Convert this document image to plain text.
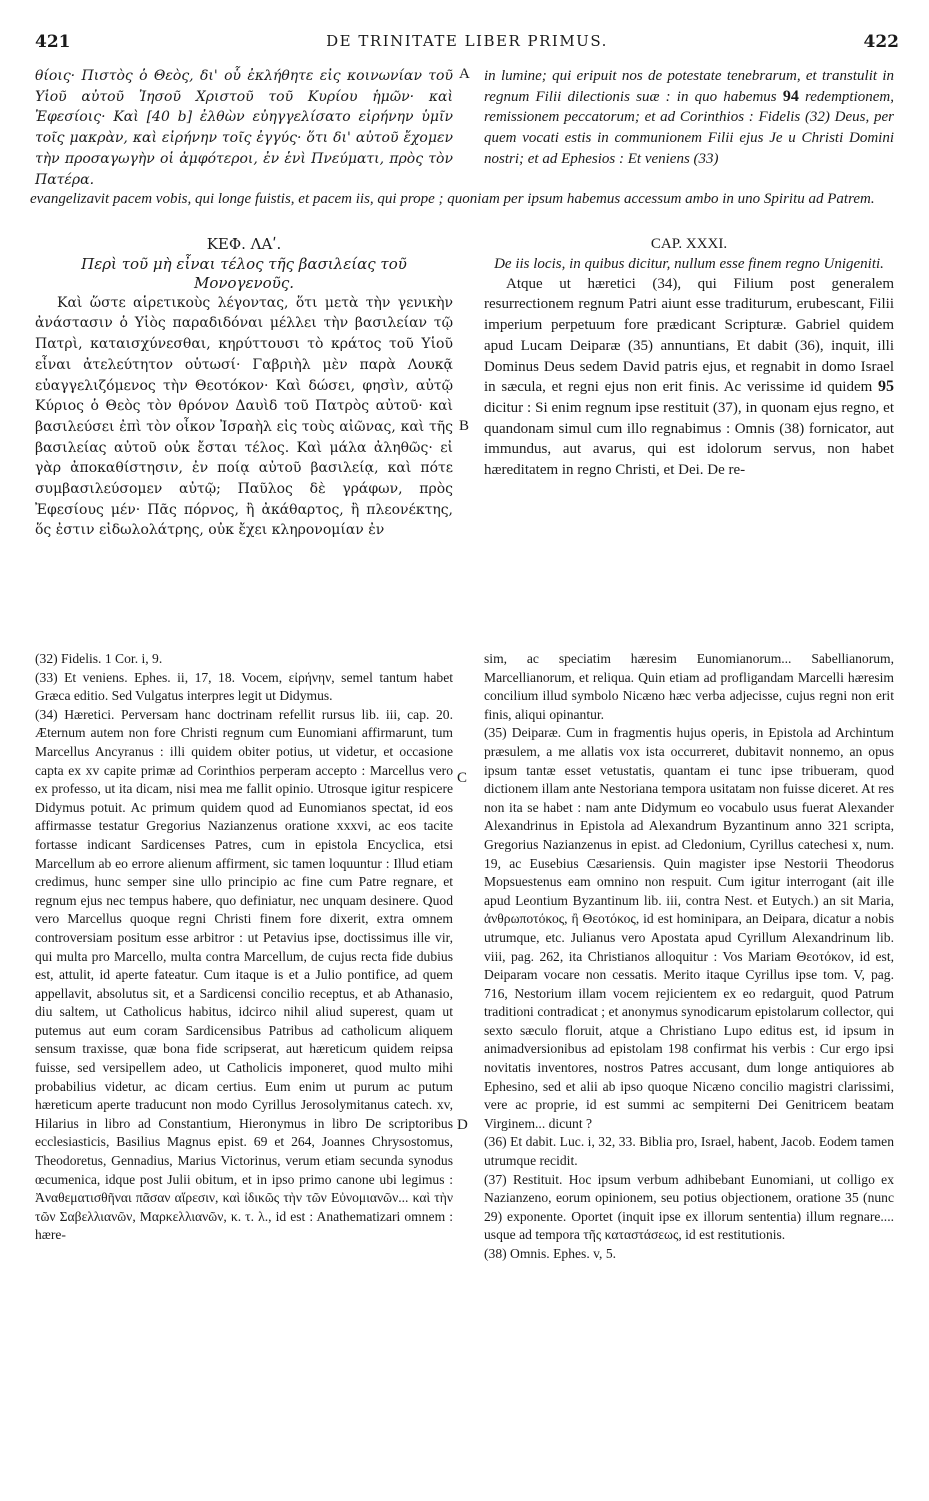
421	DE TRINITATE LIBER PRIMUS.	422

θίοις· Πιστὸς ὁ Θεὸς, δι' οὗ ἐκλήθητε εἰς κοινωνίαν τοῦ Υἱοῦ αὐτοῦ Ἰησοῦ Χριστοῦ τοῦ Κυρίου ἡμῶν· καὶ Ἐφεσίοις· Καὶ [40 b] ἐλθὼν εὐηγγελίσατο εἰρήνην ὑμῖν τοῖς μακρὰν, καὶ εἰρήνην τοῖς ἐγγύς· ὅτι δι' αὐτοῦ ἔχομεν τὴν προσαγωγὴν οἱ ἀμφότεροι, ἐν ἑνὶ Πνεύματι, πρὸς τὸν Πατέρα.

in lumine; qui eripuit nos de potestate tenebrarum, et transtulit in regnum Filii dilectionis suæ : in quo habemus 94 redemptionem, remissionem peccatorum; et ad Corinthios : Fidelis (32) Deus, per quem vocati estis in communionem Filii ejus Je u Christi Domini nostri; et ad Ephesios : Et veniens (33)

evangelizavit pacem vobis, qui longe fuistis, et pacem iis, qui prope ; quoniam per ipsum habemus accessum ambo in uno Spiritu ad Patrem.
ΚΕΦ. ΛΑʹ.
Περὶ τοῦ μὴ εἶναι τέλος τῆς βασιλείας τοῦ Μονογενοῦς.

Καὶ ὥστε αἱρετικοὺς λέγοντας, ὅτι μετὰ τὴν γενικὴν ἀνάστασιν ὁ Υἱὸς παραδιδόναι μέλλει τὴν βασιλείαν τῷ Πατρὶ, καταισχύνεσθαι, κηρύττουσι τὸ κράτος τοῦ Υἱοῦ εἶναι ἀτελεύτητον οὑτωσί· Γαβριὴλ μὲν παρὰ Λουκᾷ εὐαγγελιζόμενος τὴν Θεοτόκον· Καὶ δώσει, φησὶν, αὐτῷ Κύριος ὁ Θεὸς τὸν θρόνον Δαυὶδ τοῦ Πατρὸς αὐτοῦ· καὶ βασιλεύσει ἐπὶ τὸν οἶκον Ἰσραὴλ εἰς τοὺς αἰῶνας, καὶ τῆς βασιλείας αὐτοῦ οὐκ ἔσται τέλος. Καὶ μάλα ἀληθῶς· εἰ γὰρ ἀποκαθίστησιν, ἐν ποίᾳ αὐτοῦ βασιλείᾳ, καὶ πότε συμβασιλεύσομεν αὐτῷ; Παῦλος δὲ γράφων, πρὸς Ἐφεσίους μέν· Πᾶς πόρνος, ἢ ἀκάθαρτος, ἢ πλεονέκτης, ὅς ἐστιν εἰδωλολάτρης, οὐκ ἔχει κληρονομίαν ἐν

CAP. XXXI.
De iis locis, in quibus dicitur, nullum esse finem regno Unigeniti.

Atque ut hæretici (34), qui Filium post generalem resurrectionem regnum Patri aiunt esse traditurum, erubescant, Filii imperium perpetuum fore prædicant Scripturæ. Gabriel quidem apud Lucam Deiparæ (35) annuntians, Et dabit (36), inquit, illi Dominus Deus sedem David patris ejus, et regnabit in domo Israel in sæcula, et regni ejus non erit finis. Ac verissime id quidem 95 dicitur : Si enim regnum ipse restituit (37), in quonam ejus regno, et quandonam simul cum illo regnabimus : Omnis (38) fornicator, aut immundus, aut avarus, qui est idolorum servus, non habet hæreditatem in regno Christi, et Dei. De re-

A
B
C
D

(32) Fidelis. 1 Cor. i, 9.

(33) Et veniens. Ephes. ii, 17, 18. Vocem, εἰρήνην, semel tantum habet Græca editio. Sed Vulgatus interpres legit ut Didymus.

(34) Hæretici. Perversam hanc doctrinam refellit rursus lib. iii, cap. 20. Æternum autem non fore Christi regnum cum Eunomiani affirmarunt, tum Marcellus Ancyranus : illi quidem obiter potius, ut videtur, et occasione capta ex xv capite primæ ad Corinthios perperam accepto : Marcellus vero ex professo, ut ita dicam, nisi mea me fallit opinio. Utrosque igitur respicere Didymus potuit. Ac primum quidem quod ad Eunomianos spectat, id eos affirmasse testatur Gregorius Nazianzenus oratione xxxvi, ac eos tacite fortasse indicant Sardicenses Patres, cum in epistola Encyclica, etsi Marcellum ab eo errore alienum affirment, sic tamen loquuntur : Illud etiam credimus, hunc semper sine ullo principio ac fine cum Patre regnare, et regnum ejus nec tempus habere, quo definiatur, nec unquam desinere. Quod vero Marcellus quoque regni Christi finem fore dixerit, extra omnem controversiam positum esse arbitror : ut Petavius ipse, doctissimus ille vir, qui multa pro Marcello, multa contra Marcellum, de cujus recta fide dubius est, attulit, id aperte fateatur. Cum itaque is et a Julio pontifice, ad quem appellavit, absolutus sit, et a Sardicensi concilio receptus, et ab Athanasio, diu saltem, ut Catholicus habitus, idcirco nihil aliud superest, quam ut putemus aut eum coram Sardicensibus Patribus ad catholicum aliquem sensum traxisse, quæ bona fide scripserat, aut hæreticum quidem reipsa fuisse, sed versipellem adeo, ut Catholicis imponeret, quod multo mihi probabilius videtur, ac dicam certius. Eum enim ut purum ac putum hæreticum aperte traducunt non modo Cyrillus Jerosolymitanus catech. xv, Hilarius in libro ad Constantium, Hieronymus in libro De scriptoribus ecclesiasticis, Basilius Magnus epist. 69 et 264, Joannes Chrysostomus, Theodoretus, Gennadius, Marius Victorinus, verum etiam secunda synodus œcumenica, idque post Julii obitum, et in ipso primo canone ubi legimus : Ἀναθεματισθῆναι πᾶσαν αἵρεσιν, καὶ ἰδικῶς τὴν τῶν Εὐνομιανῶν... καὶ τὴν τῶν Σαβελλιανῶν, Μαρκελλιανῶν, κ. τ. λ., id est : Anathematizari omnem : hære-

sim, ac speciatim hæresim Eunomianorum... Sabellianorum, Marcellianorum, et reliqua. Quin etiam ad profligandam Marcelli hæresim concilium illud symbolo Nicæno hæc verba adjecisse, cujus regni non erit finis, aliqui opinantur.

(35) Deiparæ. Cum in fragmentis hujus operis, in Epistola ad Archintum præsulem, a me allatis vox ista occurreret, dubitavit nonnemo, an opus ipsum tantæ esset vetustatis, quantam ei tunc ipse tribueram, quod dictionem illam ante Nestoriana tempora usitatam non fuisse diceret. At res non ita se habet : nam ante Didymum eo vocabulo usus fuerat Alexander Alexandrinus in Epistola ad Alexandrum Byzantinum anno 321 scripta, Gregorius Nazianzenus in epist. ad Cledonium, Cyrillus catechesi x, num. 19, ac Eusebius Cæsariensis. Quin magister ipse Nestorii Theodorus Mopsuestenus eam omnino non respuit. Cum igitur interrogant (ait ille apud Leontium Byzantinum lib. iii, contra Nest. et Eutych.) an sit Maria, ἀνθρωποτόκος, ἢ Θεοτόκος, id est hominipara, an Deipara, dicatur a nobis utrumque, etc. Julianus vero Apostata apud Cyrillum Alexandrinum lib. viii, pag. 262, ita Christianos alloquitur : Vos Mariam Θεοτόκον, id est, Deiparam vocare non cessatis. Merito itaque Cyrillus ipse tom. V, pag. 716, Nestorium illam vocem rejicientem ex eo redarguit, quod Patrum traditioni contradicat ; et anonymus synodicarum epistolarum collector, qui sexto sæculo floruit, atque a Christiano Lupo editus est, id ipsum in animadversionibus ad epistolam 198 confirmat his verbis : Cur ergo ipsi novitatis inventores, nostros Patres accusant, dum longe antiquiores ab Ephesino, sed et alii ab ipso quoque Nicæno concilio magistri clarissimi, vere ac proprie, id est summi ac sempiterni Dei Genitricem beatam Virginem... dicunt ?

(36) Et dabit. Luc. i, 32, 33. Biblia pro, Israel, habent, Jacob. Eodem tamen utrumque recidit.

(37) Restituit. Hoc ipsum verbum adhibebant Eunomiani, ut colligo ex Nazianzeno, eorum opinionem, seu potius objectionem, oratione 35 (nunc 29) exponente. Oportet (inquit ipse ex illorum sententia) illum regnare.... usque ad tempora τῆς καταστάσεως, id est restitutionis.

(38) Omnis. Ephes. v, 5.
